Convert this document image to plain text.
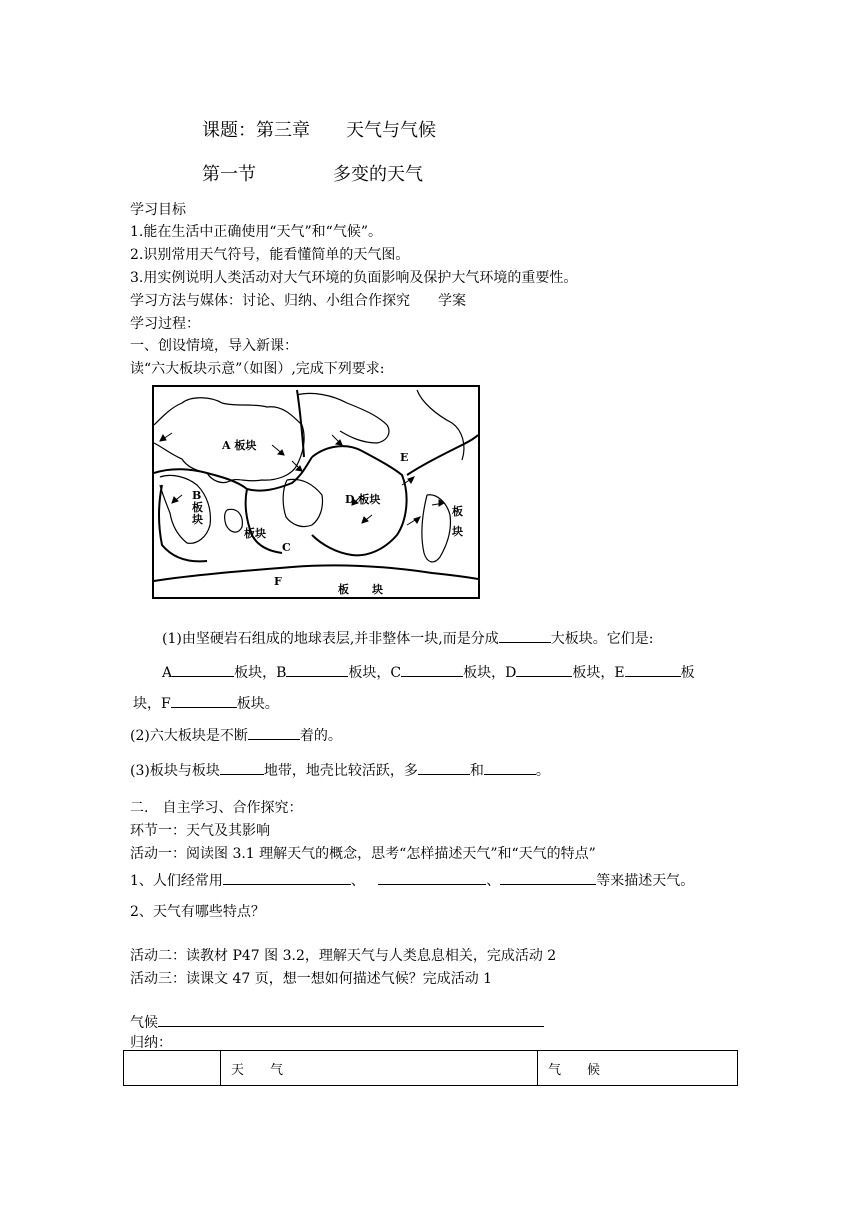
课题：第三章　　天气与气候
第一节	多变的天气
学习目标
1.能在生活中正确使用“天气”和“气候”。
2.识别常用天气符号，能看懂简单的天气图。
3.用实例说明人类活动对大气环境的负面影响及保护大气环境的重要性。
学习方法与媒体：讨论、归纳、小组合作探究　　学案
学习过程：
一、创设情境，导入新课：
读“六大板块示意”（如图）,完成下列要求:
A 板块
B
板
块
板块
C
D 板块
E
板
块
F
板 块
(1)由坚硬岩石组成的地球表层,并非整体一块,而是分成	大板块。它们是:
A	板块，B	板块，C	板块，D	板块，E	板
块，F	板块。
(2)六大板块是不断	着的。
(3)板块与板块	地带，地壳比较活跃，多	和	。
二.　自主学习、合作探究：
环节一：天气及其影响
活动一：阅读图 3.1 理解天气的概念，思考“怎样描述天气”和“天气的特点”
1、人们经常用	、	、	等来描述天气。
2、天气有哪些特点？
活动二：读教材 P47 图 3.2，理解天气与人类息息相关，完成活动 2
活动三：读课文 47 页，想一想如何描述气候？完成活动 1
气候
归纳：
	天　　气	气　　候
